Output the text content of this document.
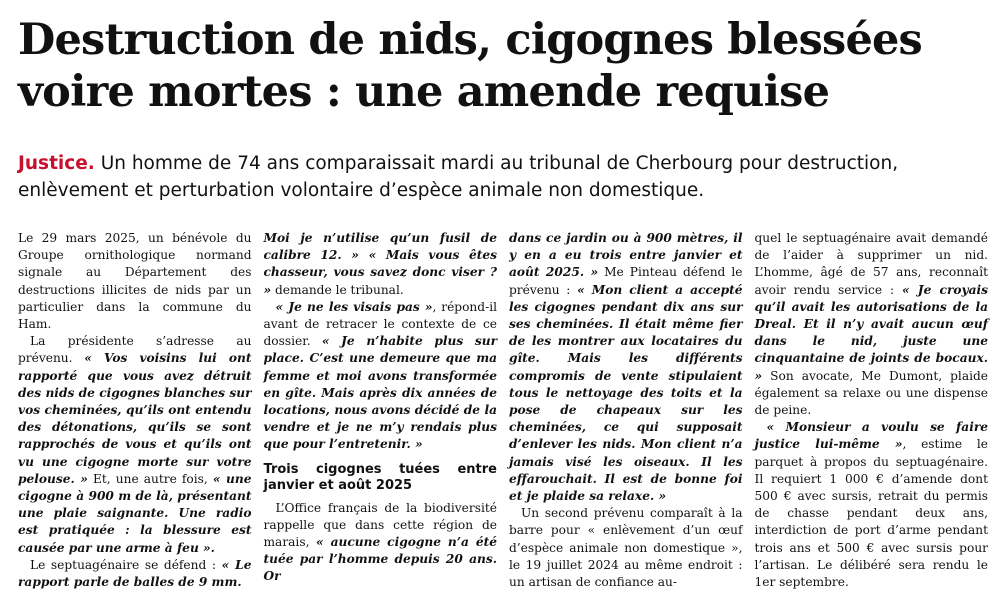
Destruction de nids, cigognes blessées voire mortes : une amende requise
Justice. Un homme de 74 ans comparaissait mardi au tribunal de Cherbourg pour destruction, enlèvement et perturbation volontaire d’espèce animale non domestique.

Le 29 mars 2025, un bénévole du Groupe ornithologique normand signale au Département des destructions illicites de nids par un particulier dans la commune du Ham.

La présidente s’adresse au prévenu. « Vos voisins lui ont rapporté que vous avez détruit des nids de cigognes blanches sur vos cheminées, qu’ils ont entendu des détonations, qu’ils se sont rapprochés de vous et qu’ils ont vu une cigogne morte sur votre pelouse. » Et, une autre fois, « une cigogne à 900 m de là, présentant une plaie saignante. Une radio est pratiquée : la blessure est causée par une arme à feu ».

Le septuagénaire se défend : « Le rapport parle de balles de 9 mm.

Moi je n’utilise qu’un fusil de calibre 12. » « Mais vous êtes chasseur, vous savez donc viser ? » demande le tribunal.

« Je ne les visais pas », répond-il avant de retracer le contexte de ce dossier. « Je n’habite plus sur place. C’est une demeure que ma femme et moi avons transformée en gîte. Mais après dix années de locations, nous avons décidé de la vendre et je ne m’y rendais plus que pour l’entretenir. »

Trois cigognes tuées entre janvier et août 2025

L’Office français de la biodiversité rappelle que dans cette région de marais, « aucune cigogne n’a été tuée par l’homme depuis 20 ans. Or

dans ce jardin ou à 900 mètres, il y en a eu trois entre janvier et août 2025. » Me Pinteau défend le prévenu : « Mon client a accepté les cigognes pendant dix ans sur ses cheminées. Il était même fier de les montrer aux locataires du gîte. Mais les différents compromis de vente stipulaient tous le nettoyage des toits et la pose de chapeaux sur les cheminées, ce qui supposait d’enlever les nids. Mon client n’a jamais visé les oiseaux. Il les effarouchait. Il est de bonne foi et je plaide sa relaxe. »

Un second prévenu comparaît à la barre pour « enlèvement d’un œuf d’espèce animale non domestique », le 19 juillet 2024 au même endroit : un artisan de confiance au-

quel le septuagénaire avait demandé de l’aider à supprimer un nid. L’homme, âgé de 57 ans, reconnaît avoir rendu service : « Je croyais qu’il avait les autorisations de la Dreal. Et il n’y avait aucun œuf dans le nid, juste une cinquantaine de joints de bocaux. » Son avocate, Me Dumont, plaide également sa relaxe ou une dispense de peine.

« Monsieur a voulu se faire justice lui-même », estime le parquet à propos du septuagénaire. Il requiert 1 000 € d’amende dont 500 € avec sursis, retrait du permis de chasse pendant deux ans, interdiction de port d’arme pendant trois ans et 500 € avec sursis pour l’artisan. Le délibéré sera rendu le 1er septembre.
